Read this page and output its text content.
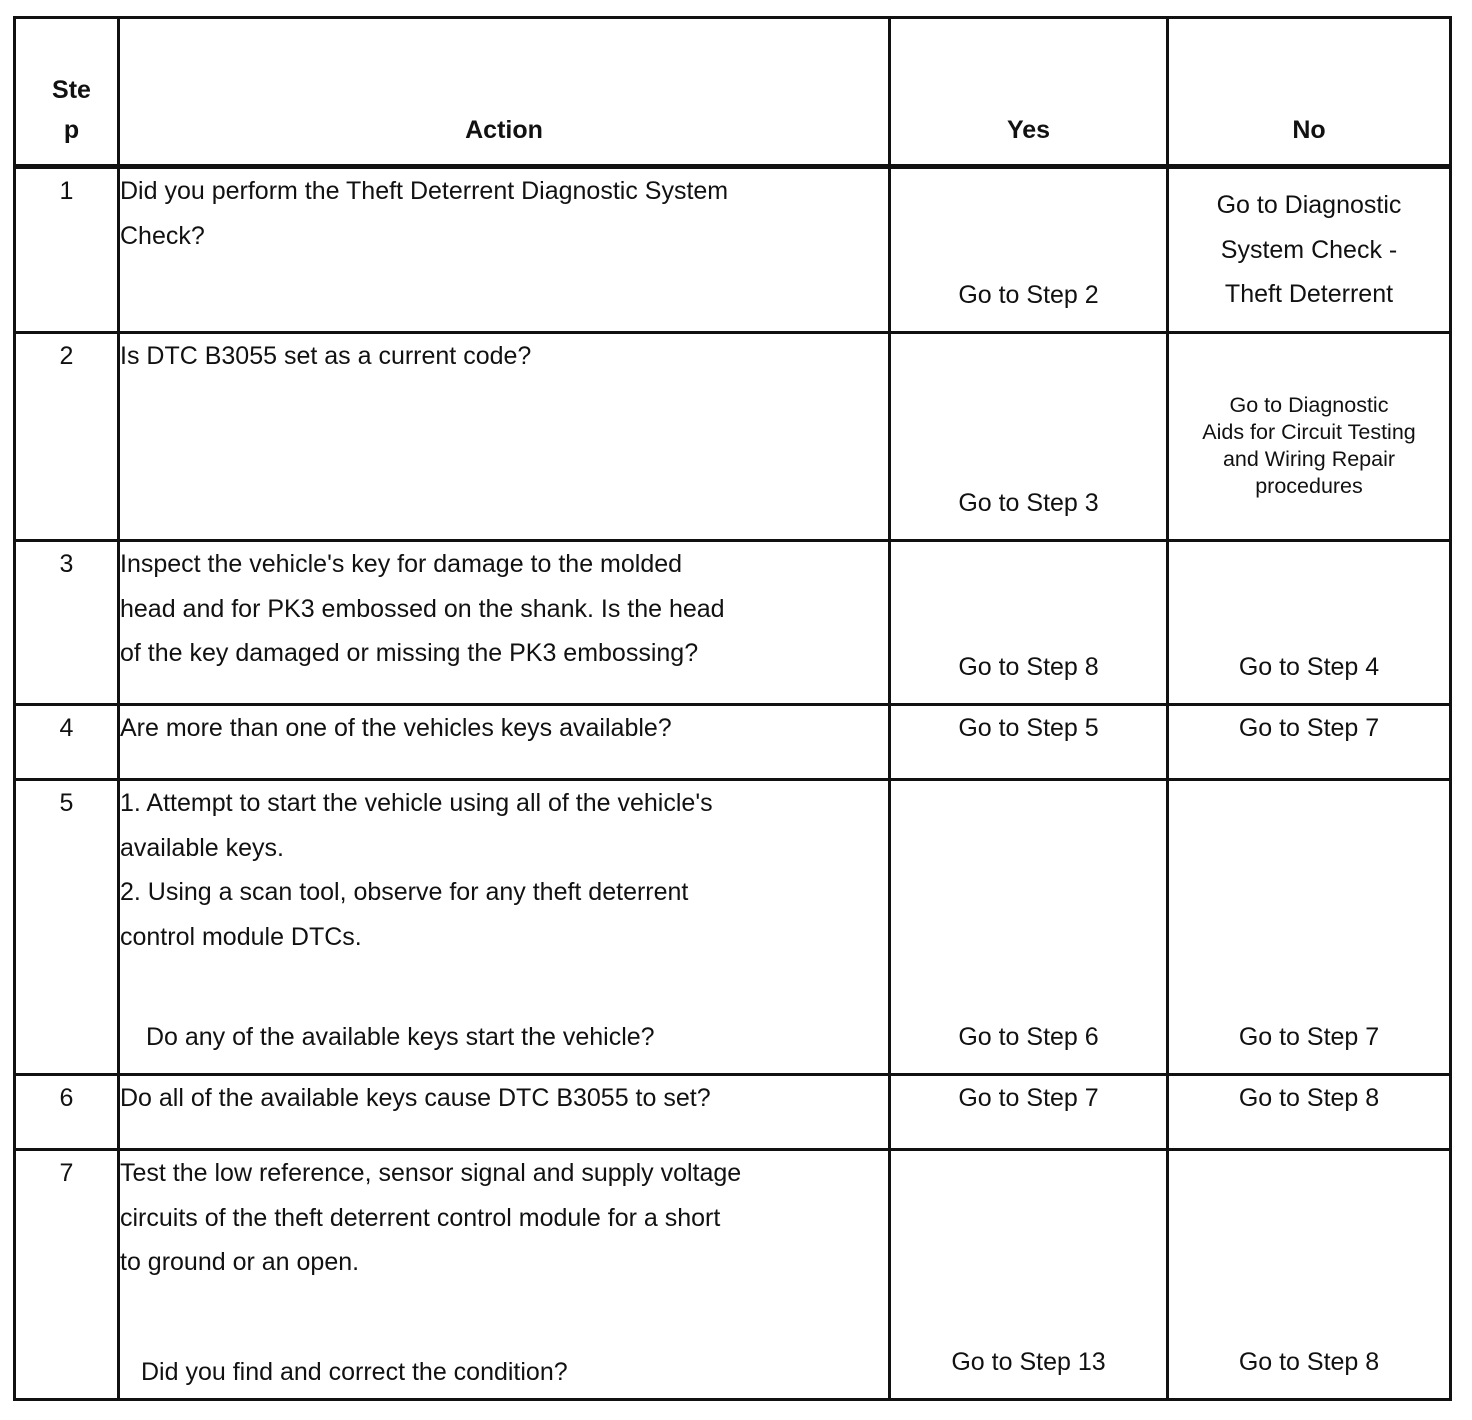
Step	Action	Yes	No
1	Did you perform the Theft Deterrent Diagnostic System
Check?	Go to Step 2	Go to Diagnostic
System Check -
Theft Deterrent

2	Is DTC B3055 set as a current code?	Go to Step 3	Go to Diagnostic
Aids for Circuit Testing
and Wiring Repair
procedures

3	Inspect the vehicle's key for damage to the molded
head and for PK3 embossed on the shank. Is the head
of the key damaged or missing the PK3 embossing?	Go to Step 8	Go to Step 4

4	Are more than one of the vehicles keys available?	Go to Step 5	Go to Step 7
5	1. Attempt to start the vehicle using all of the vehicle's
available keys.
2. Using a scan tool, observe for any theft deterrent
control module DTCs.
Do any of the available keys start the vehicle?	Go to Step 6	Go to Step 7

6	Do all of the available keys cause DTC B3055 to set?	Go to Step 7	Go to Step 8
7	Test the low reference, sensor signal and supply voltage
circuits of the theft deterrent control module for a short
to ground or an open.
Did you find and correct the condition?	Go to Step 13	Go to Step 8
